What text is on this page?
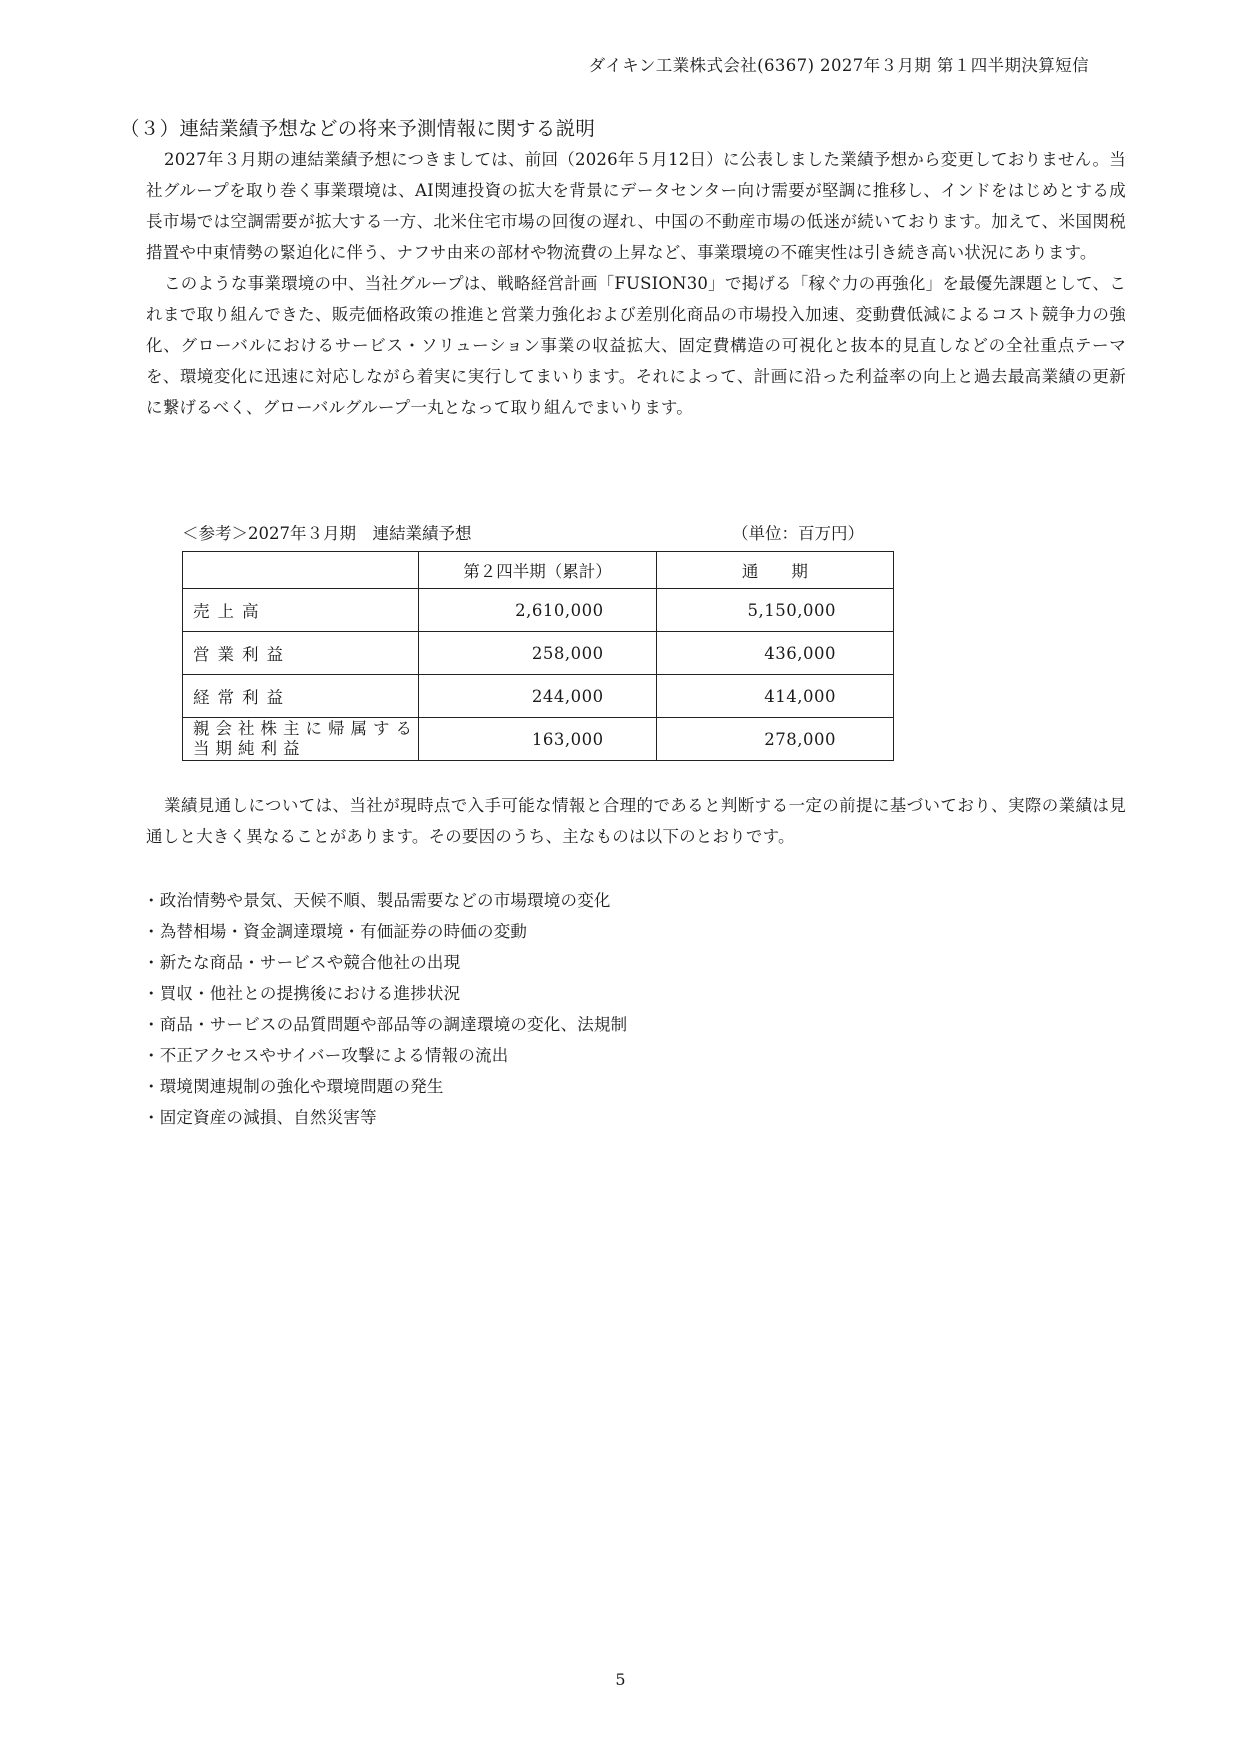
ダイキン工業株式会社(6367) 2027年３月期 第１四半期決算短信
（３）連結業績予想などの将来予測情報に関する説明

2027年３月期の連結業績予想につきましては、前回（2026年５月12日）に公表しました業績予想から変更しておりません。当社グループを取り巻く事業環境は、AI関連投資の拡大を背景にデータセンター向け需要が堅調に推移し、インドをはじめとする成長市場では空調需要が拡大する一方、北米住宅市場の回復の遅れ、中国の不動産市場の低迷が続いております。加えて、米国関税措置や中東情勢の緊迫化に伴う、ナフサ由来の部材や物流費の上昇など、事業環境の不確実性は引き続き高い状況にあります。

このような事業環境の中、当社グループは、戦略経営計画「FUSION30」で掲げる「稼ぐ力の再強化」を最優先課題として、これまで取り組んできた、販売価格政策の推進と営業力強化および差別化商品の市場投入加速、変動費低減によるコスト競争力の強化、グローバルにおけるサービス・ソリューション事業の収益拡大、固定費構造の可視化と抜本的見直しなどの全社重点テーマを、環境変化に迅速に対応しながら着実に実行してまいります。それによって、計画に沿った利益率の向上と過去最高業績の更新に繋げるべく、グローバルグループ一丸となって取り組んでまいります。

＜参考＞2027年３月期　連結業績予想	（単位：百万円）
	第２四半期（累計）	通　　期
売上高	2,610,000	5,150,000
営業利益	258,000	436,000
経常利益	244,000	414,000

親会社株主に帰属する
当期純利益	163,000	278,000

業績見通しについては、当社が現時点で入手可能な情報と合理的であると判断する一定の前提に基づいており、実際の業績は見通しと大きく異なることがあります。その要因のうち、主なものは以下のとおりです。

・政治情勢や景気、天候不順、製品需要などの市場環境の変化
・為替相場・資金調達環境・有価証券の時価の変動
・新たな商品・サービスや競合他社の出現
・買収・他社との提携後における進捗状況
・商品・サービスの品質問題や部品等の調達環境の変化、法規制
・不正アクセスやサイバー攻撃による情報の流出
・環境関連規制の強化や環境問題の発生
・固定資産の減損、自然災害等
5
